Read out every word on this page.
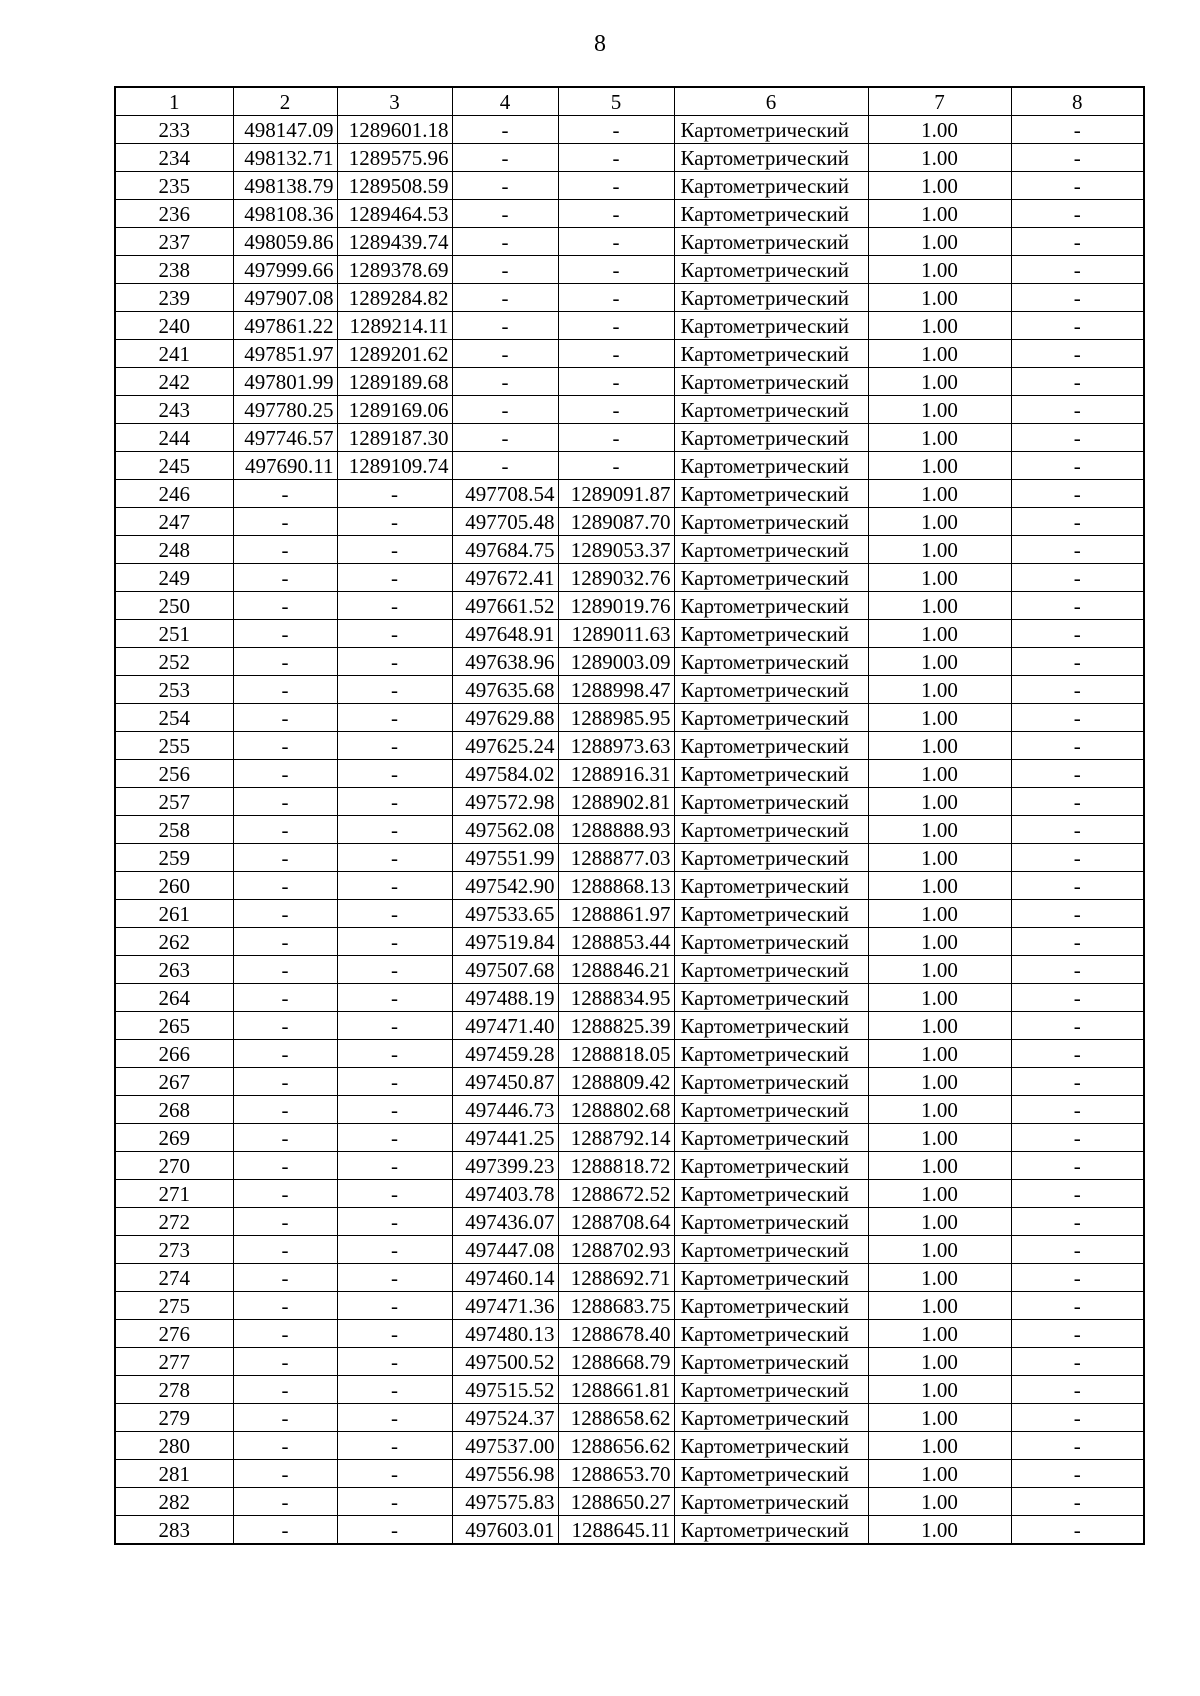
8
1	2	3	4	5	6	7	8
233	498147.09	1289601.18	-	-	Картометрический	1.00	-
234	498132.71	1289575.96	-	-	Картометрический	1.00	-
235	498138.79	1289508.59	-	-	Картометрический	1.00	-
236	498108.36	1289464.53	-	-	Картометрический	1.00	-
237	498059.86	1289439.74	-	-	Картометрический	1.00	-
238	497999.66	1289378.69	-	-	Картометрический	1.00	-
239	497907.08	1289284.82	-	-	Картометрический	1.00	-
240	497861.22	1289214.11	-	-	Картометрический	1.00	-
241	497851.97	1289201.62	-	-	Картометрический	1.00	-
242	497801.99	1289189.68	-	-	Картометрический	1.00	-
243	497780.25	1289169.06	-	-	Картометрический	1.00	-
244	497746.57	1289187.30	-	-	Картометрический	1.00	-
245	497690.11	1289109.74	-	-	Картометрический	1.00	-
246	-	-	497708.54	1289091.87	Картометрический	1.00	-
247	-	-	497705.48	1289087.70	Картометрический	1.00	-
248	-	-	497684.75	1289053.37	Картометрический	1.00	-
249	-	-	497672.41	1289032.76	Картометрический	1.00	-
250	-	-	497661.52	1289019.76	Картометрический	1.00	-
251	-	-	497648.91	1289011.63	Картометрический	1.00	-
252	-	-	497638.96	1289003.09	Картометрический	1.00	-
253	-	-	497635.68	1288998.47	Картометрический	1.00	-
254	-	-	497629.88	1288985.95	Картометрический	1.00	-
255	-	-	497625.24	1288973.63	Картометрический	1.00	-
256	-	-	497584.02	1288916.31	Картометрический	1.00	-
257	-	-	497572.98	1288902.81	Картометрический	1.00	-
258	-	-	497562.08	1288888.93	Картометрический	1.00	-
259	-	-	497551.99	1288877.03	Картометрический	1.00	-
260	-	-	497542.90	1288868.13	Картометрический	1.00	-
261	-	-	497533.65	1288861.97	Картометрический	1.00	-
262	-	-	497519.84	1288853.44	Картометрический	1.00	-
263	-	-	497507.68	1288846.21	Картометрический	1.00	-
264	-	-	497488.19	1288834.95	Картометрический	1.00	-
265	-	-	497471.40	1288825.39	Картометрический	1.00	-
266	-	-	497459.28	1288818.05	Картометрический	1.00	-
267	-	-	497450.87	1288809.42	Картометрический	1.00	-
268	-	-	497446.73	1288802.68	Картометрический	1.00	-
269	-	-	497441.25	1288792.14	Картометрический	1.00	-
270	-	-	497399.23	1288818.72	Картометрический	1.00	-
271	-	-	497403.78	1288672.52	Картометрический	1.00	-
272	-	-	497436.07	1288708.64	Картометрический	1.00	-
273	-	-	497447.08	1288702.93	Картометрический	1.00	-
274	-	-	497460.14	1288692.71	Картометрический	1.00	-
275	-	-	497471.36	1288683.75	Картометрический	1.00	-
276	-	-	497480.13	1288678.40	Картометрический	1.00	-
277	-	-	497500.52	1288668.79	Картометрический	1.00	-
278	-	-	497515.52	1288661.81	Картометрический	1.00	-
279	-	-	497524.37	1288658.62	Картометрический	1.00	-
280	-	-	497537.00	1288656.62	Картометрический	1.00	-
281	-	-	497556.98	1288653.70	Картометрический	1.00	-
282	-	-	497575.83	1288650.27	Картометрический	1.00	-
283	-	-	497603.01	1288645.11	Картометрический	1.00	-
